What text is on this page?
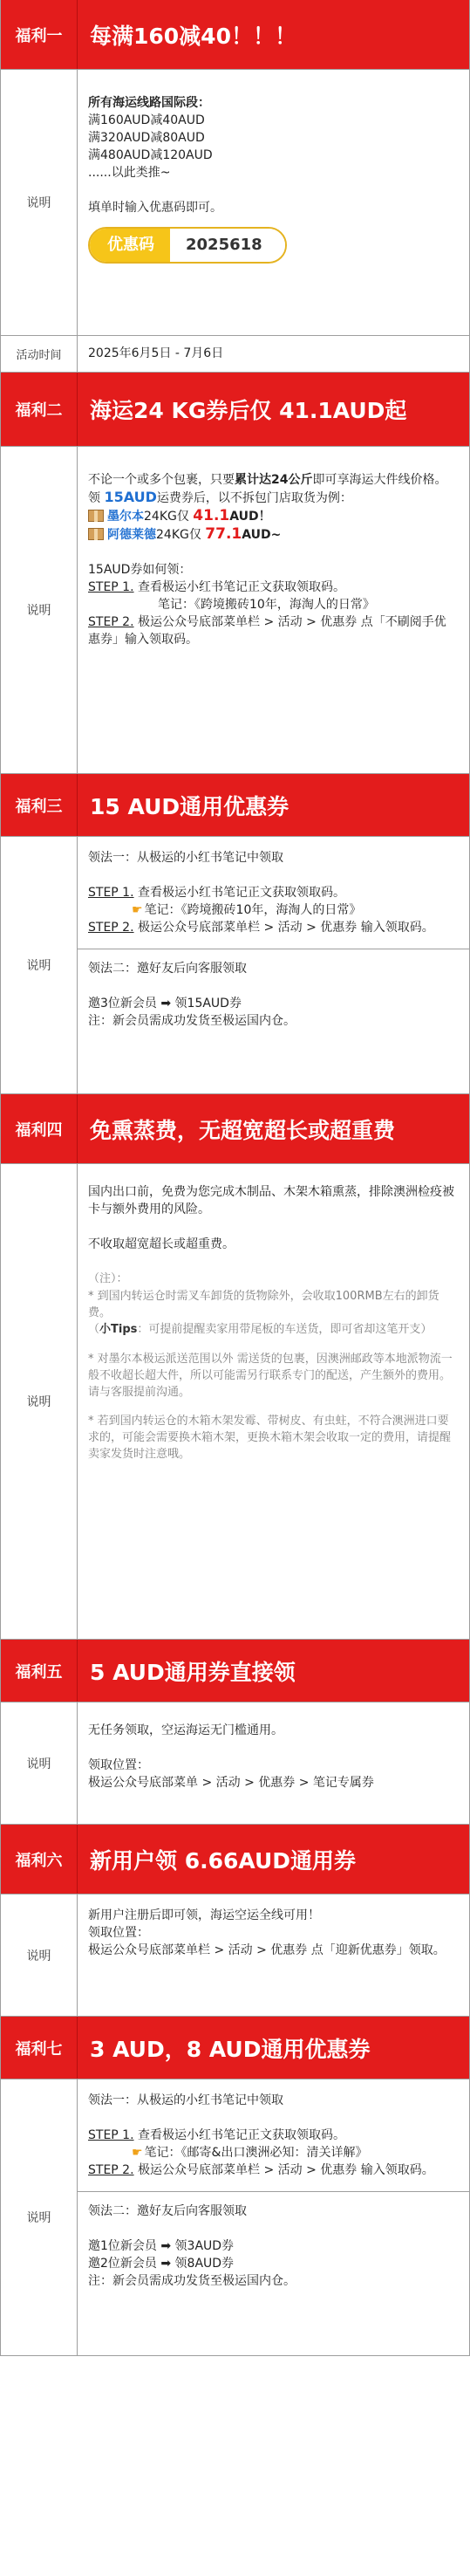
福利一	每满160减40！！！
说明
所有海运线路国际段：
满160AUD减40AUD
满320AUD减80AUD
满480AUD减120AUD
......以此类推~
填单时输入优惠码即可。
优惠码	2025618
活动时间	2025年6月5日 - 7月6日
福利二	海运24 KG券后仅 41.1AUD起
说明
不论一个或多个包裹，只要累计达24公斤即可享海运大件线价格。
领 15AUD运费券后，以不拆包门店取货为例：
墨尔本24KG仅 41.1AUD！
阿德莱德24KG仅 77.1AUD~
15AUD券如何领：
STEP 1. 查看极运小红书笔记正文获取领取码。
笔记：《跨境搬砖10年，海淘人的日常》
STEP 2. 极运公众号底部菜单栏 > 活动 > 优惠券 点「不刷阅手优惠券」输入领取码。
福利三	15 AUD通用优惠券
说明
领法一：从极运的小红书笔记中领取
STEP 1. 查看极运小红书笔记正文获取领取码。
☛ 笔记：《跨境搬砖10年，海淘人的日常》
STEP 2. 极运公众号底部菜单栏 > 活动 > 优惠券 输入领取码。
领法二：邀好友后向客服领取
邀3位新会员 ➡ 领15AUD券
注：新会员需成功发货至极运国内仓。
福利四	免熏蒸费，无超宽超长或超重费
说明
国内出口前，免费为您完成木制品、木架木箱熏蒸，排除澳洲检疫被卡与额外费用的风险。
不收取超宽超长或超重费。
（注）：
* 到国内转运仓时需叉车卸货的货物除外，会收取100RMB左右的卸货费。
（小Tips：可提前提醒卖家用带尾板的车送货，即可省却这笔开支）
* 对墨尔本极运派送范围以外 需送货的包裹，因澳洲邮政等本地派物流一般不收超长超大件，所以可能需另行联系专门的配送，产生额外的费用。请与客服提前沟通。
* 若到国内转运仓的木箱木架发霉、带树皮、有虫蛀，不符合澳洲进口要求的，可能会需要换木箱木架，更换木箱木架会收取一定的费用，请提醒卖家发货时注意哦。
福利五	5 AUD通用券直接领
说明
无任务领取，空运海运无门槛通用。
领取位置：
极运公众号底部菜单 > 活动 > 优惠券 > 笔记专属券
福利六	新用户领 6.66AUD通用券
说明
新用户注册后即可领，海运空运全线可用！
领取位置：
极运公众号底部菜单栏 > 活动 > 优惠券 点「迎新优惠券」领取。
福利七	3 AUD，8 AUD通用优惠券
说明
领法一：从极运的小红书笔记中领取
STEP 1. 查看极运小红书笔记正文获取领取码。
☛ 笔记：《邮寄&出口澳洲必知：清关详解》
STEP 2. 极运公众号底部菜单栏 > 活动 > 优惠券 输入领取码。
领法二：邀好友后向客服领取
邀1位新会员 ➡ 领3AUD券
邀2位新会员 ➡ 领8AUD券
注：新会员需成功发货至极运国内仓。
